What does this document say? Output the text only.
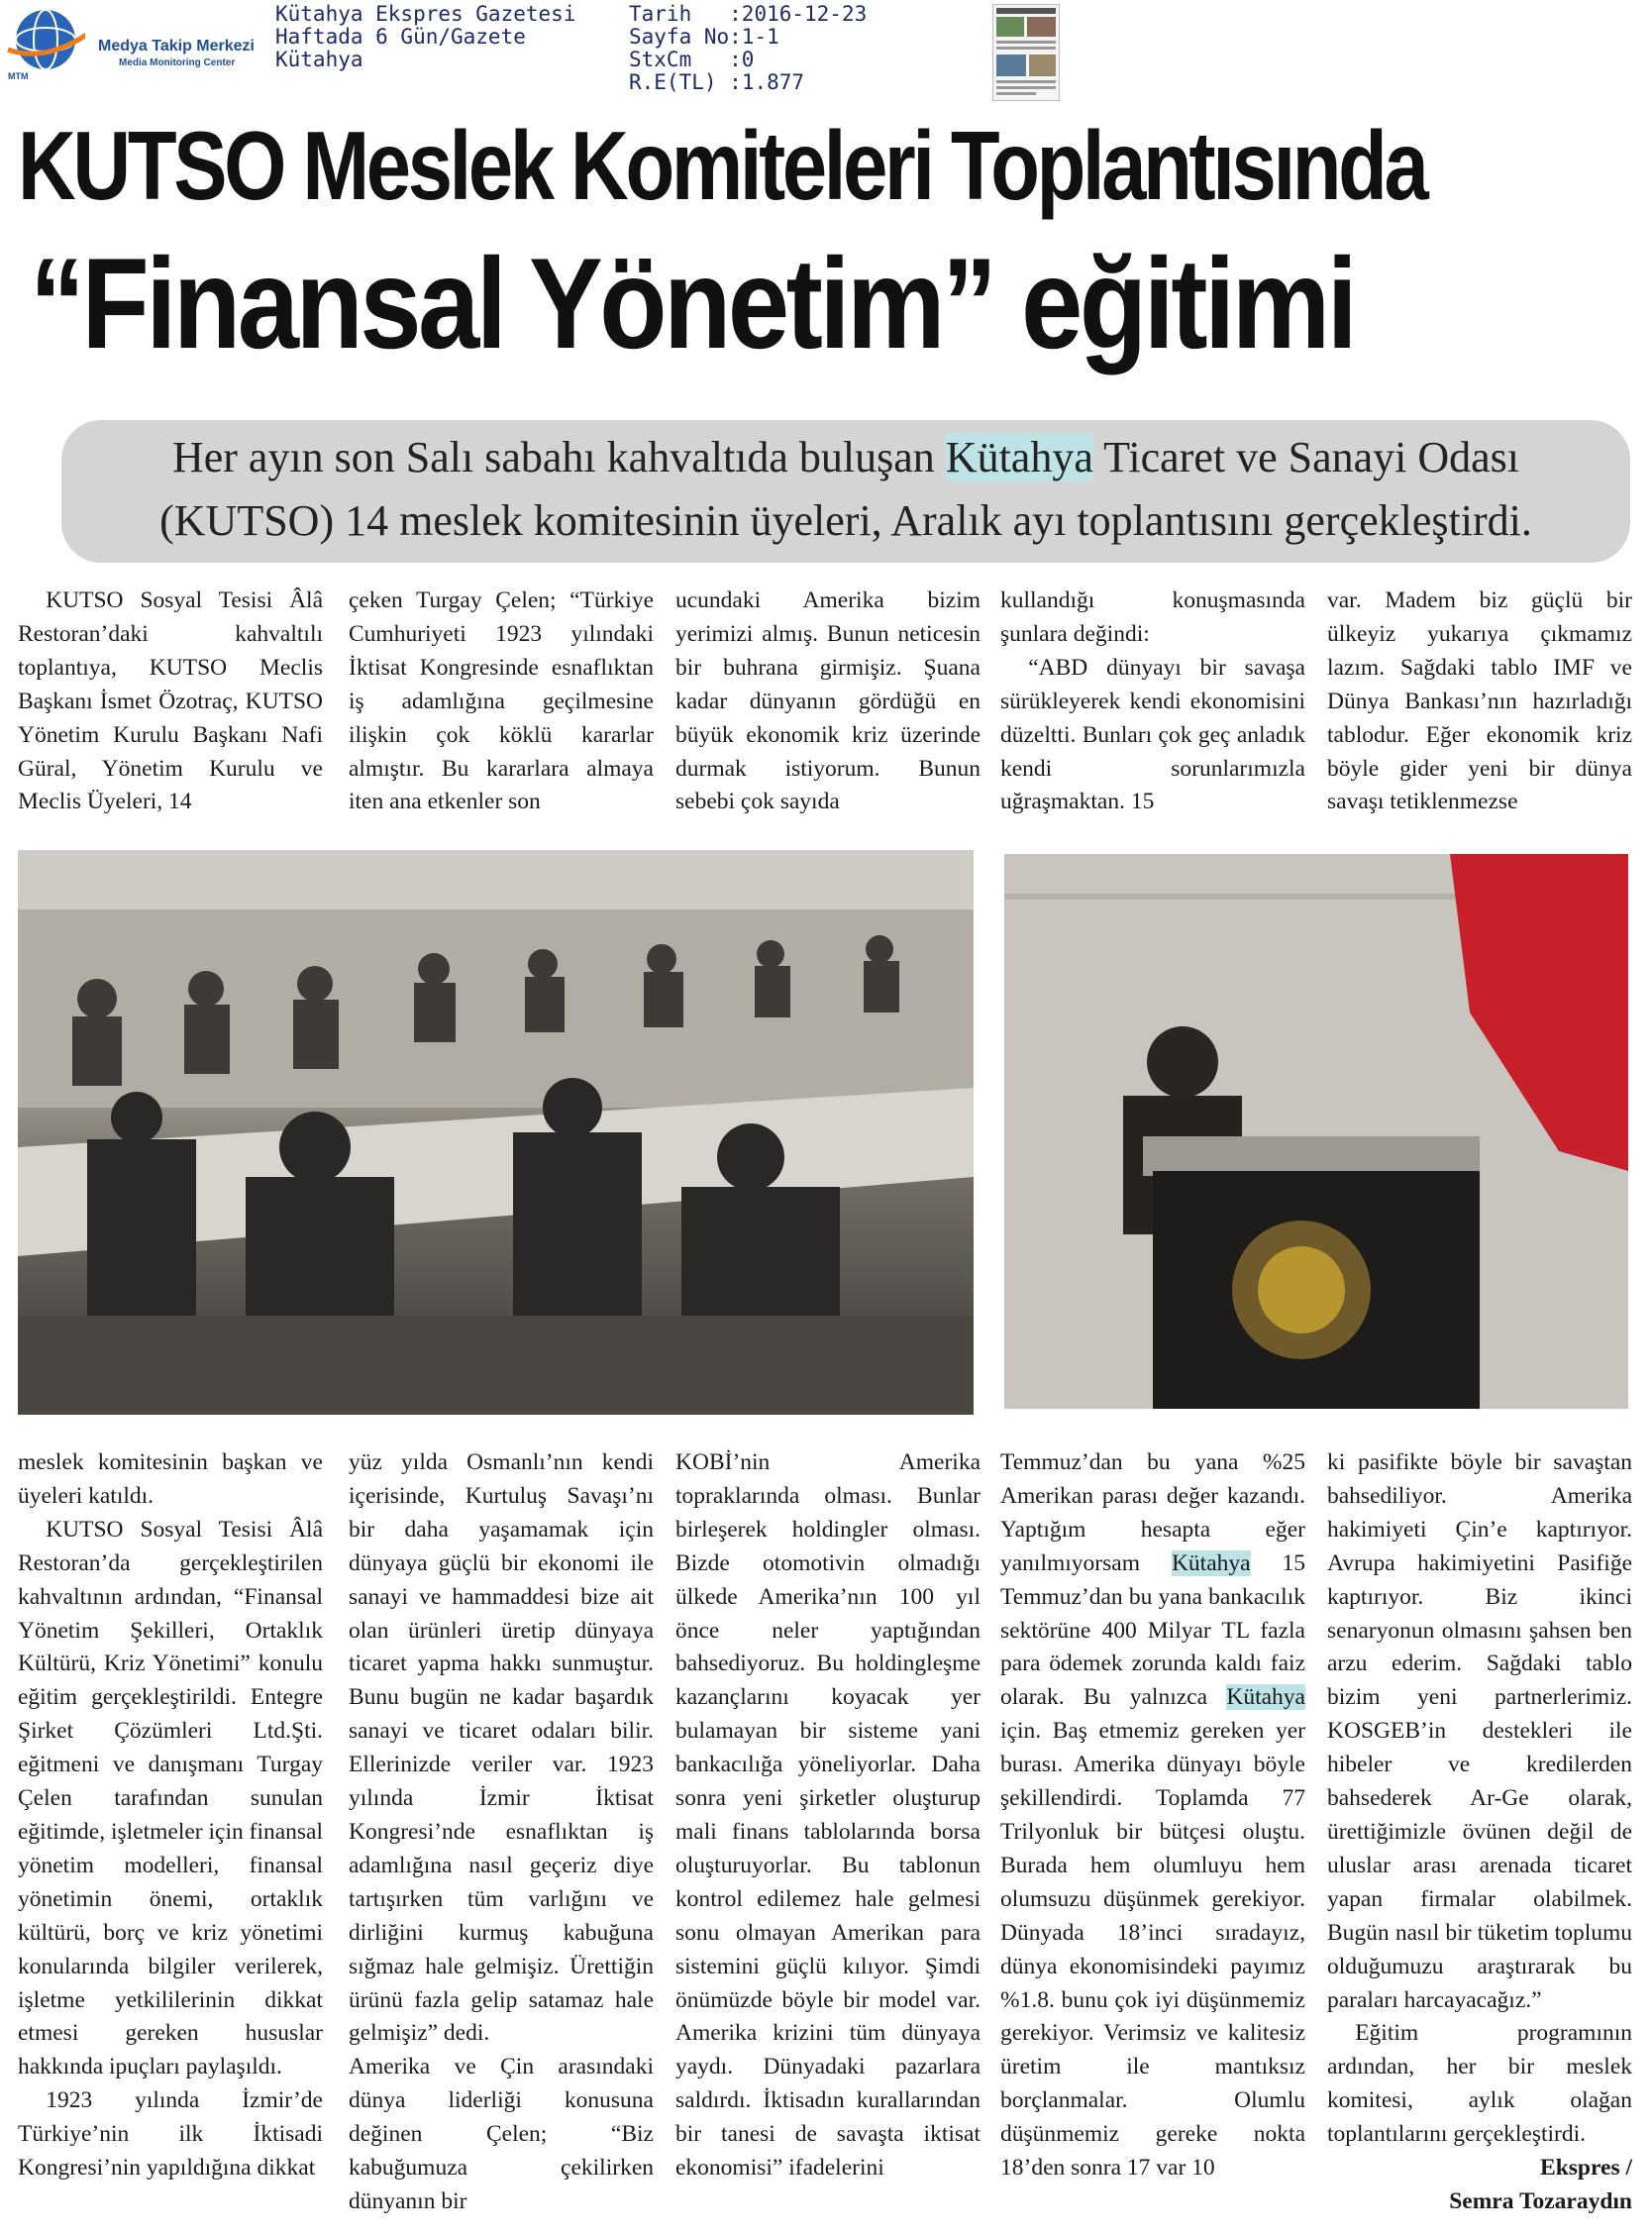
MTM
Medya Takip Merkezi
Media Monitoring Center
Kütahya Ekspres Gazetesi
Haftada 6 Gün/Gazete
Kütahya
Tarih :2016-12-23
Sayfa No:1-1
StxCm :0
R.E(TL) :1.877
KUTSO Meslek Komiteleri Toplantısında
“Finansal Yönetim” eğitimi
Her ayın son Salı sabahı kahvaltıda buluşan Kütahya Ticaret ve Sanayi Odası
(KUTSO) 14 meslek komitesinin üyeleri, Aralık ayı toplantısını gerçekleştirdi.

KUTSO Sosyal Tesisi Âlâ Restoran’daki kahvaltılı toplantıya, KUTSO Meclis Başkanı İsmet Özotraç, KUTSO Yönetim Kurulu Başkanı Nafi Güral, Yönetim Kurulu ve Meclis Üyeleri, 14

çeken Turgay Çelen; “Türkiye Cumhuriyeti 1923 yılındaki İktisat Kongresinde esnaflıktan iş adamlığına geçilmesine ilişkin çok köklü kararlar almıştır. Bu kararlara almaya iten ana etkenler son

ucundaki Amerika bizim yerimizi almış. Bunun neticesin bir buhrana girmişiz. Şuana kadar dünyanın gördüğü en büyük ekonomik kriz üzerinde durmak istiyorum. Bunun sebebi çok sayıda

kullandığı konuşmasında şunlara değindi:

“ABD dünyayı bir savaşa sürükleyerek kendi ekonomisini düzeltti. Bunları çok geç anladık kendi sorunlarımızla uğraşmaktan. 15

var. Madem biz güçlü bir ülkeyiz yukarıya çıkmamız lazım. Sağdaki tablo IMF ve Dünya Bankası’nın hazırladığı tablodur. Eğer ekonomik kriz böyle gider yeni bir dünya savaşı tetiklenmezse

meslek komitesinin başkan ve üyeleri katıldı.

KUTSO Sosyal Tesisi Âlâ Restoran’da gerçekleştirilen kahvaltının ardından, “Finansal Yönetim Şekilleri, Ortaklık Kültürü, Kriz Yönetimi” konulu eğitim gerçekleştirildi. Entegre Şirket Çözümleri Ltd.Şti. eğitmeni ve danışmanı Turgay Çelen tarafından sunulan eğitimde, işletmeler için finansal yönetim modelleri, finansal yönetimin önemi, ortaklık kültürü, borç ve kriz yönetimi konularında bilgiler verilerek, işletme yetkililerinin dikkat etmesi gereken hususlar hakkında ipuçları paylaşıldı.

1923 yılında İzmir’de Türkiye’nin ilk İktisadi Kongresi’nin yapıldığına dikkat

yüz yılda Osmanlı’nın kendi içerisinde, Kurtuluş Savaşı’nı bir daha yaşamamak için dünyaya güçlü bir ekonomi ile sanayi ve hammaddesi bize ait olan ürünleri üretip dünyaya ticaret yapma hakkı sunmuştur. Bunu bugün ne kadar başardık sanayi ve ticaret odaları bilir. Ellerinizde veriler var. 1923 yılında İzmir İktisat Kongresi’nde esnaflıktan iş adamlığına nasıl geçeriz diye tartışırken tüm varlığını ve dirliğini kurmuş kabuğuna sığmaz hale gelmişiz. Ürettiğin ürünü fazla gelip satamaz hale gelmişiz” dedi.

Amerika ve Çin arasındaki dünya liderliği konusuna değinen Çelen; “Biz kabuğumuza çekilirken dünyanın bir

KOBİ’nin Amerika topraklarında olması. Bunlar birleşerek holdingler olması. Bizde otomotivin olmadığı ülkede Amerika’nın 100 yıl önce neler yaptığından bahsediyoruz. Bu holdingleşme kazançlarını koyacak yer bulamayan bir sisteme yani bankacılığa yöneliyorlar. Daha sonra yeni şirketler oluşturup mali finans tablolarında borsa oluşturuyorlar. Bu tablonun kontrol edilemez hale gelmesi sonu olmayan Amerikan para sistemini güçlü kılıyor. Şimdi önümüzde böyle bir model var. Amerika krizini tüm dünyaya yaydı. Dünyadaki pazarlara saldırdı. İktisadın kurallarından bir tanesi de savaşta iktisat ekonomisi” ifadelerini

Temmuz’dan bu yana %25 Amerikan parası değer kazandı. Yaptığım hesapta eğer yanılmıyorsam Kütahya 15 Temmuz’dan bu yana bankacılık sektörüne 400 Milyar TL fazla para ödemek zorunda kaldı faiz olarak. Bu yalnızca Kütahya için. Baş etmemiz gereken yer burası. Amerika dünyayı böyle şekillendirdi. Toplamda 77 Trilyonluk bir bütçesi oluştu. Burada hem olumluyu hem olumsuzu düşünmek gerekiyor. Dünyada 18’inci sıradayız, dünya ekonomisindeki payımız %1.8. bunu çok iyi düşünmemiz gerekiyor. Verimsiz ve kalitesiz üretim ile mantıksız borçlanmalar. Olumlu düşünmemiz gereke nokta 18’den sonra 17 var 10

ki pasifikte böyle bir savaştan bahsediliyor. Amerika hakimiyeti Çin’e kaptırıyor. Avrupa hakimiyetini Pasifiğe kaptırıyor. Biz ikinci senaryonun olmasını şahsen ben arzu ederim. Sağdaki tablo bizim yeni partnerlerimiz. KOSGEB’in destekleri ile hibeler ve kredilerden bahsederek Ar-Ge olarak, ürettiğimizle övünen değil de uluslar arası arenada ticaret yapan firmalar olabilmek. Bugün nasıl bir tüketim toplumu olduğumuzu araştırarak bu paraları harcayacağız.”

Eğitim programının ardından, her bir meslek komitesi, aylık olağan toplantılarını gerçekleştirdi.

Ekspres /
Semra Tozaraydın
